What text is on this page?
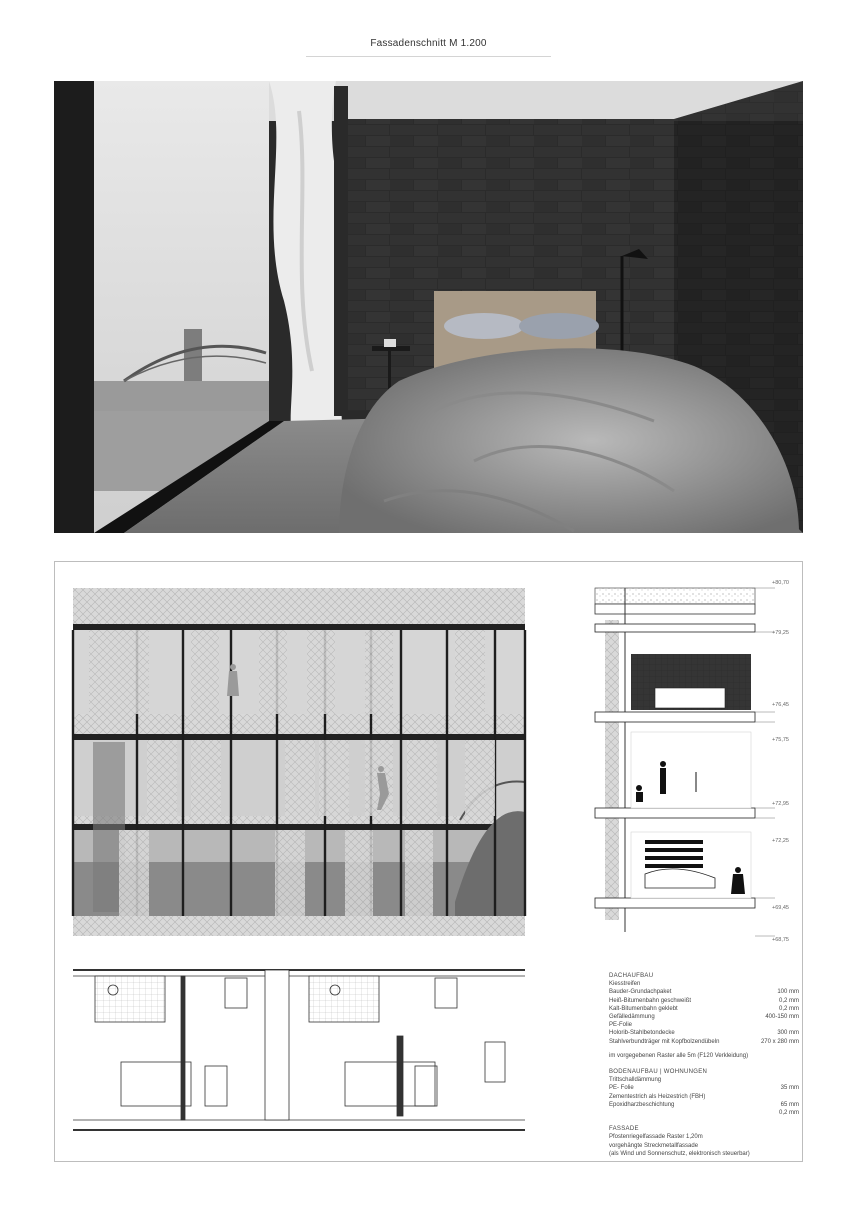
Fassadenschnitt M 1.200
+80,70
+79,25
+76,45
+75,75
+72,95
+72,25
+69,45
+68,75
DACHAUFBAU
Kiesstreifen
Bauder-Grundachpaket	100 mm
Heiß-Bitumenbahn geschweißt	0,2 mm
Kalt-Bitumenbahn geklebt	0,2 mm
Gefälledämmung	400-150 mm
PE-Folie
Holorib-Stahlbetondecke	300 mm
Stahlverbundträger mit Kopfbolzendübeln	270 x 280 mm
im vorgegebenen Raster alle 5m (F120 Verkleidung)
BODENAUFBAU | WOHNUNGEN
Trittschalldämmung
PE- Folie	35 mm
Zementestrich als Heizestrich (FBH)
Epoxidharzbeschichtung	65 mm
0,2 mm
FASSADE
Pfostenriegelfassade Raster 1,20m
vorgehängte Streckmetallfassade
(als Wind und Sonnenschutz, elektronisch steuerbar)
